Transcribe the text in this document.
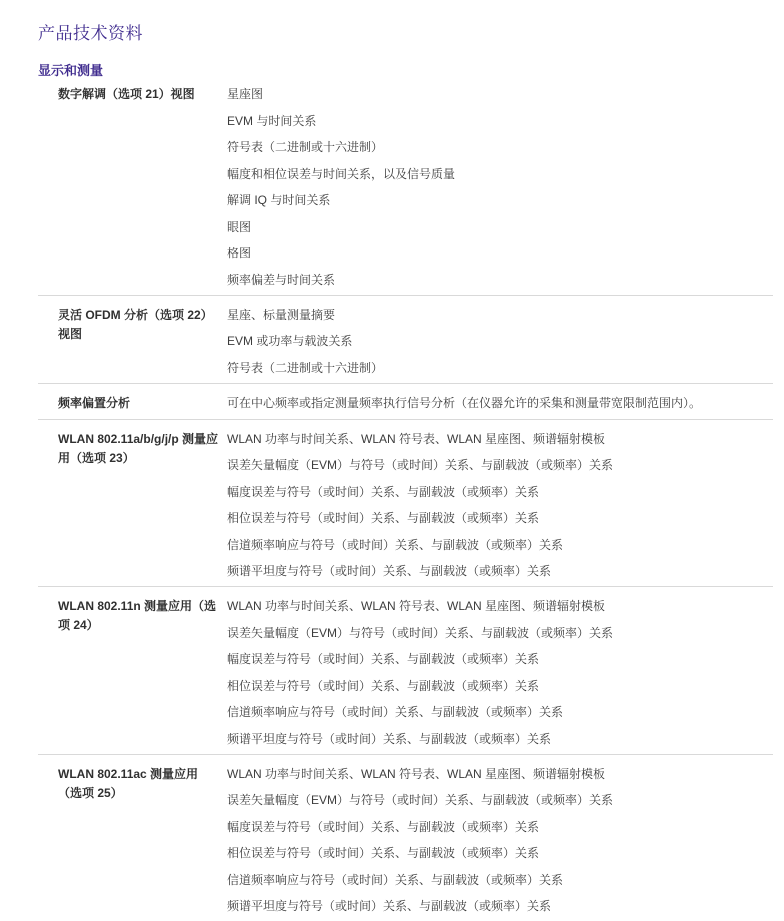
产品技术资料
显示和测量
数字解调（选项 21）视图	星座图
EVM 与时间关系
符号表（二进制或十六进制）
幅度和相位误差与时间关系，以及信号质量
解调 IQ 与时间关系
眼图
格图
频率偏差与时间关系
灵活 OFDM 分析（选项 22）视图
星座、标量测量摘要
EVM 或功率与载波关系
符号表（二进制或十六进制）
频率偏置分析	可在中心频率或指定测量频率执行信号分析（在仪器允许的采集和测量带宽限制范围内）。
WLAN 802.11a/b/g/j/p 测量应用（选项 23）
WLAN 功率与时间关系、WLAN 符号表、WLAN 星座图、频谱辐射模板
误差矢量幅度（EVM）与符号（或时间）关系、与副载波（或频率）关系
幅度误差与符号（或时间）关系、与副载波（或频率）关系
相位误差与符号（或时间）关系、与副载波（或频率）关系
信道频率响应与符号（或时间）关系、与副载波（或频率）关系
频谱平坦度与符号（或时间）关系、与副载波（或频率）关系
WLAN 802.11n 测量应用（选项 24）
WLAN 功率与时间关系、WLAN 符号表、WLAN 星座图、频谱辐射模板
误差矢量幅度（EVM）与符号（或时间）关系、与副载波（或频率）关系
幅度误差与符号（或时间）关系、与副载波（或频率）关系
相位误差与符号（或时间）关系、与副载波（或频率）关系
信道频率响应与符号（或时间）关系、与副载波（或频率）关系
频谱平坦度与符号（或时间）关系、与副载波（或频率）关系
WLAN 802.11ac 测量应用（选项 25）
WLAN 功率与时间关系、WLAN 符号表、WLAN 星座图、频谱辐射模板
误差矢量幅度（EVM）与符号（或时间）关系、与副载波（或频率）关系
幅度误差与符号（或时间）关系、与副载波（或频率）关系
相位误差与符号（或时间）关系、与副载波（或频率）关系
信道频率响应与符号（或时间）关系、与副载波（或频率）关系
频谱平坦度与符号（或时间）关系、与副载波（或频率）关系
